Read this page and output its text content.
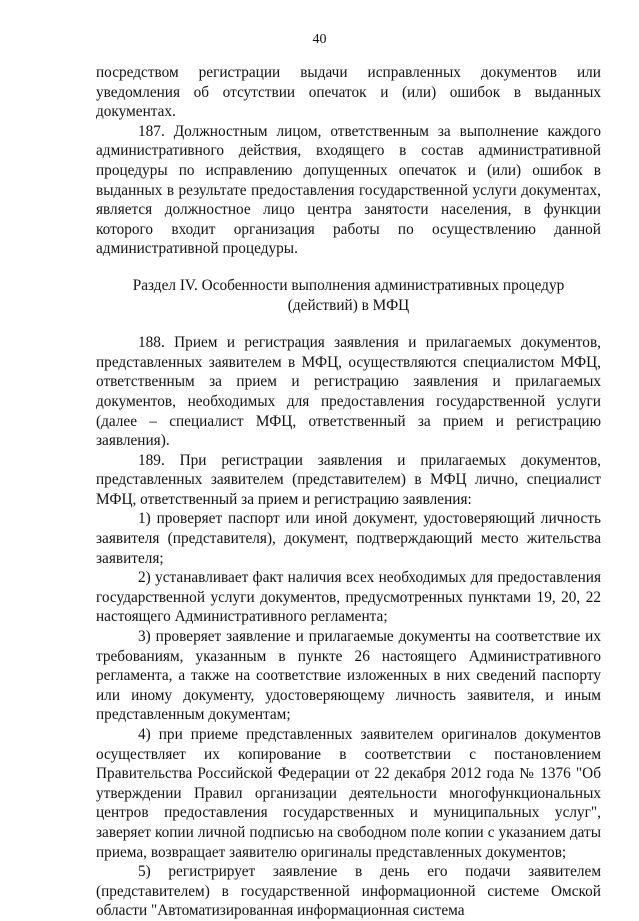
40

посредством регистрации выдачи исправленных документов или уведомления об отсутствии опечаток и (или) ошибок в выданных документах.

187. Должностным лицом, ответственным за выполнение каждого административного действия, входящего в состав административной процедуры по исправлению допущенных опечаток и (или) ошибок в выданных в результате предоставления государственной услуги документах, является должностное лицо центра занятости населения, в функции которого входит организация работы по осуществлению данной административной процедуры.

Раздел IV. Особенности выполнения административных процедур (действий) в МФЦ

188. Прием и регистрация заявления и прилагаемых документов, представленных заявителем в МФЦ, осуществляются специалистом МФЦ, ответственным за прием и регистрацию заявления и прилагаемых документов, необходимых для предоставления государственной услуги (далее – специалист МФЦ, ответственный за прием и регистрацию заявления).

189. При регистрации заявления и прилагаемых документов, представленных заявителем (представителем) в МФЦ лично, специалист МФЦ, ответственный за прием и регистрацию заявления:

1) проверяет паспорт или иной документ, удостоверяющий личность заявителя (представителя), документ, подтверждающий место жительства заявителя;

2) устанавливает факт наличия всех необходимых для предоставления государственной услуги документов, предусмотренных пунктами 19, 20, 22 настоящего Административного регламента;

3) проверяет заявление и прилагаемые документы на соответствие их требованиям, указанным в пункте 26 настоящего Административного регламента, а также на соответствие изложенных в них сведений паспорту или иному документу, удостоверяющему личность заявителя, и иным представленным документам;

4) при приеме представленных заявителем оригиналов документов осуществляет их копирование в соответствии с постановлением Правительства Российской Федерации от 22 декабря 2012 года № 1376 "Об утверждении Правил организации деятельности многофункциональных центров предоставления государственных и муниципальных услуг", заверяет копии личной подписью на свободном поле копии с указанием даты приема, возвращает заявителю оригиналы представленных документов;

5) регистрирует заявление в день его подачи заявителем (представителем) в государственной информационной системе Омской области "Автоматизированная информационная система
